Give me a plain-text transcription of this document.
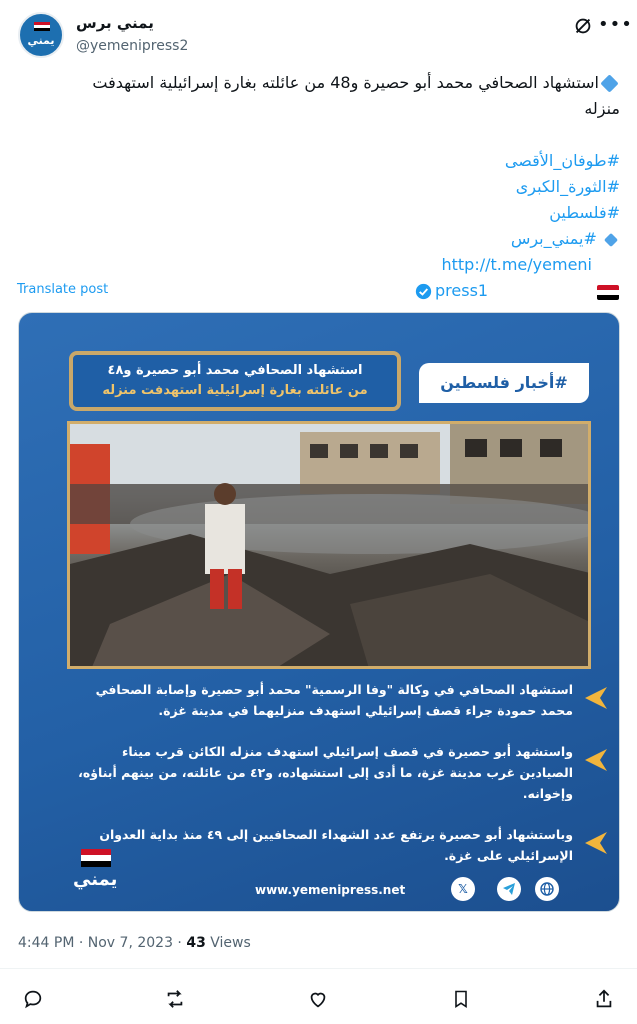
يمني
يمني برس
@yemenipress2
•••
استشهاد الصحافي محمد أبو حصيرة و48 من عائلته بغارة إسرائيلية استهدفت
منزله

#طوفان_الأقصى
#الثورة_الكبرى
#فلسطين
#يمني_برس
http://t.me/yemeni
Translate post	press1
استشهاد الصحافي محمد أبو حصيرة و٤٨
من عائلته بغارة إسرائيلية استهدفت منزله	#أخبار فلسطين
استشهاد الصحافي في وكالة "وفا الرسمية" محمد أبو حصيرة وإصابة الصحافي محمد حمودة جراء قصف إسرائيلي استهدف منزليهما في مدينة غزة.
واستشهد أبو حصيرة في قصف إسرائيلي استهدف منزله الكائن قرب ميناء الصيادين غرب مدينة غزة، ما أدى إلى استشهاده، و٤٢ من عائلته، من بينهم أبناؤه، وإخوانه.
وباستشهاد أبو حصيرة يرتفع عدد الشهداء الصحافيين إلى ٤٩ منذ بداية العدوان الإسرائيلي على غزة.
يمني	www.yemenipress.net	𝕏
4:44 PM · Nov 7, 2023 · 43 Views
